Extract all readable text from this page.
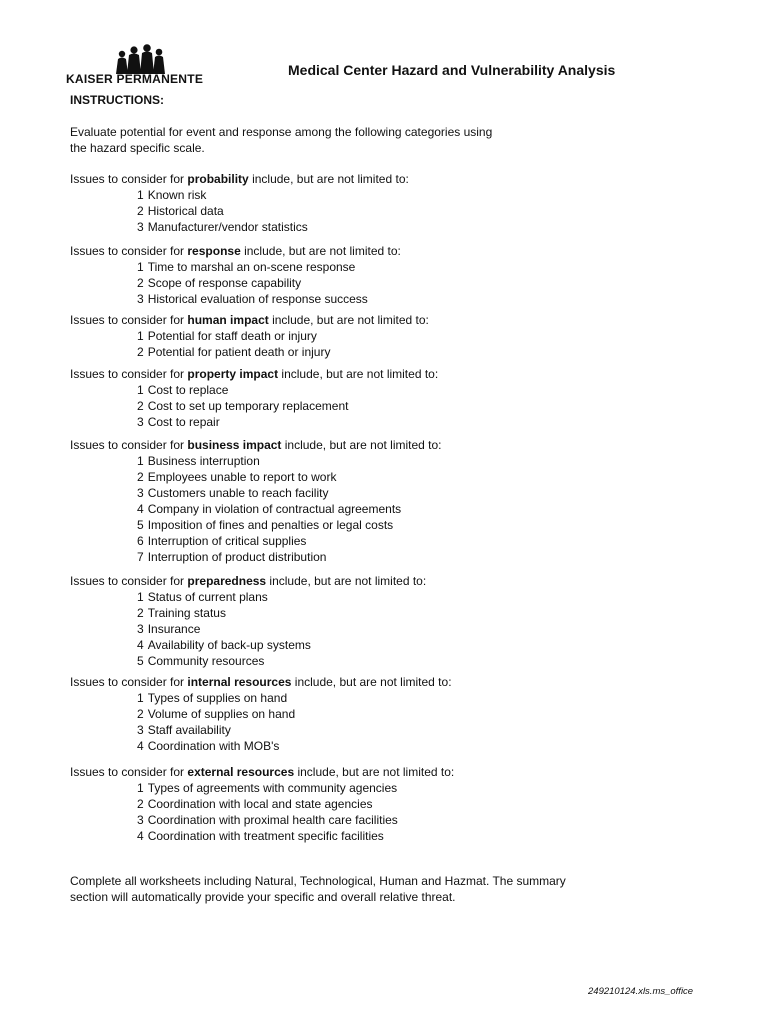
KAISER PERMANENTE
Medical Center Hazard and Vulnerability Analysis
INSTRUCTIONS:
Evaluate potential for event and response among the following categories using
the hazard specific scale.
Issues to consider for probability include, but are not limited to:
1 Known risk
2 Historical data
3 Manufacturer/vendor statistics
Issues to consider for response include, but are not limited to:
1 Time to marshal an on-scene response
2 Scope of response capability
3 Historical evaluation of response success
Issues to consider for human impact include, but are not limited to:
1 Potential for staff death or injury
2 Potential for patient death or injury
Issues to consider for property impact include, but are not limited to:
1 Cost to replace
2 Cost to set up temporary replacement
3 Cost to repair
Issues to consider for business impact include, but are not limited to:
1 Business interruption
2 Employees unable to report to work
3 Customers unable to reach facility
4 Company in violation of contractual agreements
5 Imposition of fines and penalties or legal costs
6 Interruption of critical supplies
7 Interruption of product distribution
Issues to consider for preparedness include, but are not limited to:
1 Status of current plans
2 Training status
3 Insurance
4 Availability of back-up systems
5 Community resources
Issues to consider for internal resources include, but are not limited to:
1 Types of supplies on hand
2 Volume of supplies on hand
3 Staff availability
4 Coordination with MOB's
Issues to consider for external resources include, but are not limited to:
1 Types of agreements with community agencies
2 Coordination with local and state agencies
3 Coordination with proximal health care facilities
4 Coordination with treatment specific facilities
Complete all worksheets including Natural, Technological, Human and Hazmat. The summary
section will automatically provide your specific and overall relative threat.
249210124.xls.ms_office
